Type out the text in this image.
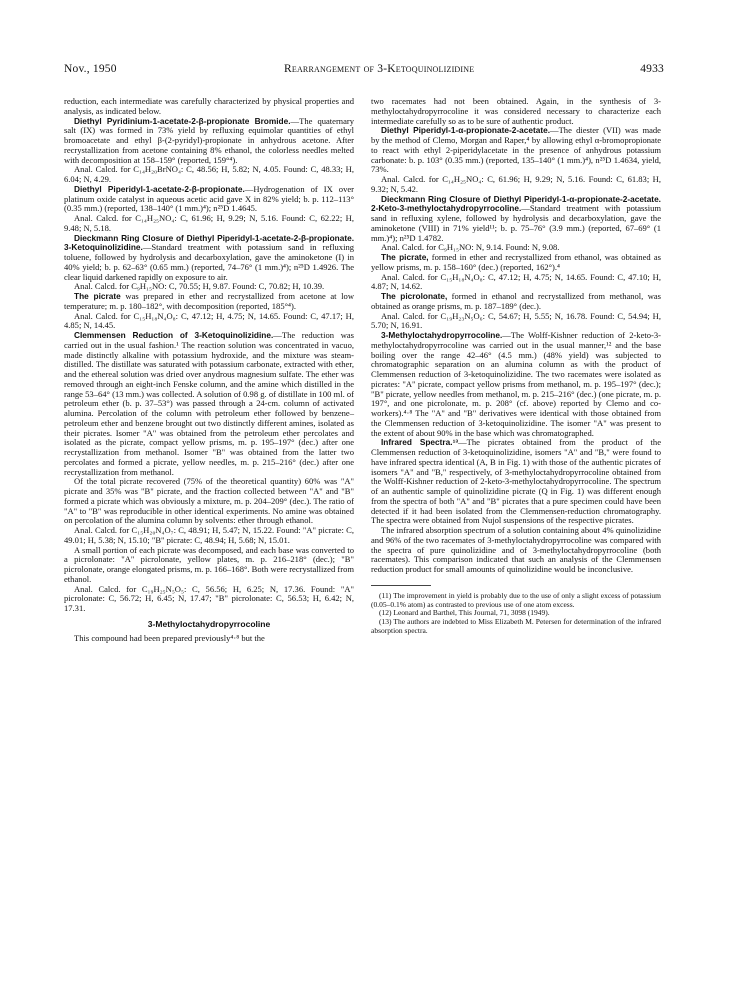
Nov., 1950	Rearrangement of 3-Ketoquinolizidine	4933

reduction, each intermediate was carefully characterized by physical properties and analysis, as indicated below.

Diethyl Pyridinium-1-acetate-2-β-propionate Bromide.—The quaternary salt (IX) was formed in 73% yield by refluxing equimolar quantities of ethyl bromoacetate and ethyl β-(2-pyridyl)-propionate in anhydrous acetone. After recrystallization from acetone containing 8% ethanol, the colorless needles melted with decomposition at 158–159° (reported, 159°⁴).

Anal. Calcd. for C₁₄H₂₀BrNO₄: C, 48.56; H, 5.82; N, 4.05. Found: C, 48.33; H, 6.04; N, 4.29.

Diethyl Piperidyl-1-acetate-2-β-propionate.—Hydrogenation of IX over platinum oxide catalyst in aqueous acetic acid gave X in 82% yield; b. p. 112–113° (0.35 mm.) (reported, 138–140° (1 mm.)⁴); n²⁵D 1.4645.

Anal. Calcd. for C₁₄H₂₅NO₄: C, 61.96; H, 9.29; N, 5.16. Found: C, 62.22; H, 9.48; N, 5.18.

Dieckmann Ring Closure of Diethyl Piperidyl-1-acetate-2-β-propionate. 3-Ketoquinolizidine.—Standard treatment with potassium sand in refluxing toluene, followed by hydrolysis and decarboxylation, gave the aminoketone (I) in 40% yield; b. p. 62–63° (0.65 mm.) (reported, 74–76° (1 mm.)⁴); n²⁵D 1.4926. The clear liquid darkened rapidly on exposure to air.

Anal. Calcd. for C₉H₁₅NO: C, 70.55; H, 9.87. Found: C, 70.82; H, 10.39.

The picrate was prepared in ether and recrystallized from acetone at low temperature; m. p. 180–182°, with decomposition (reported, 185°⁴).

Anal. Calcd. for C₁₅H₁₈N₄O₈: C, 47.12; H, 4.75; N, 14.65. Found: C, 47.17; H, 4.85; N, 14.45.

Clemmensen Reduction of 3-Ketoquinolizidine.—The reduction was carried out in the usual fashion.¹ The reaction solution was concentrated in vacuo, made distinctly alkaline with potassium hydroxide, and the mixture was steam-distilled. The distillate was saturated with potassium carbonate, extracted with ether, and the ethereal solution was dried over anydrous magnesium sulfate. The ether was removed through an eight-inch Fenske column, and the amine which distilled in the range 53–64° (13 mm.) was collected. A solution of 0.98 g. of distillate in 100 ml. of petroleum ether (b. p. 37–53°) was passed through a 24-cm. column of activated alumina. Percolation of the column with petroleum ether followed by benzene–petroleum ether and benzene brought out two distinctly different amines, isolated as their picrates. Isomer "A" was obtained from the petroleum ether percolates and isolated as the picrate, compact yellow prisms, m. p. 195–197° (dec.) after one recrystallization from methanol. Isomer "B" was obtained from the latter two percolates and formed a picrate, yellow needles, m. p. 215–216° (dec.) after one recrystallization from methanol.

Of the total picrate recovered (75% of the theoretical quantity) 60% was "A" picrate and 35% was "B" picrate, and the fraction collected between "A" and "B" formed a picrate which was obviously a mixture, m. p. 204–209° (dec.). The ratio of "A" to "B" was reproducible in other identical experiments. No amine was obtained on percolation of the alumina column by solvents: ether through ethanol.

Anal. Calcd. for C₁₅H₂₀N₄O₇: C, 48.91; H, 5.47; N, 15.22. Found: "A" picrate: C, 49.01; H, 5.38; N, 15.10; "B" picrate: C, 48.94; H, 5.68; N, 15.01.

A small portion of each picrate was decomposed, and each base was converted to a picrolonate: "A" picrolonate, yellow plates, m. p. 216–218° (dec.); "B" picrolonate, orange elongated prisms, m. p. 166–168°. Both were recrystallized from ethanol.

Anal. Calcd. for C₁₉H₂₅N₅O₅: C, 56.56; H, 6.25; N, 17.36. Found: "A" picrolonate: C, 56.72; H, 6.45; N, 17.47; "B" picrolonate: C, 56.53; H, 6.42; N, 17.31.

3-Methyloctahydropyrrocoline

This compound had been prepared previously⁴·⁸ but the

two racemates had not been obtained. Again, in the synthesis of 3-methyloctahydropyrrocoline it was considered necessary to characterize each intermediate carefully so as to be sure of authentic product.

Diethyl Piperidyl-1-α-propionate-2-acetate.—The diester (VII) was made by the method of Clemo, Morgan and Raper,⁴ by allowing ethyl α-bromopropionate to react with ethyl 2-piperidylacetate in the presence of anhydrous potassium carbonate: b. p. 103° (0.35 mm.) (reported, 135–140° (1 mm.)⁴), n²⁵D 1.4634, yield, 73%.

Anal. Calcd. for C₁₄H₂₅NO₄: C, 61.96; H, 9.29; N, 5.16. Found: C, 61.83; H, 9.32; N, 5.42.

Dieckmann Ring Closure of Diethyl Piperidyl-1-α-propionate-2-acetate. 2-Keto-3-methyloctahydropyrrocoline.—Standard treatment with potassium sand in refluxing xylene, followed by hydrolysis and decarboxylation, gave the aminoketone (VIII) in 71% yield¹¹; b. p. 75–76° (3.9 mm.) (reported, 67–69° (1 mm.)⁴); n²⁵D 1.4782.

Anal. Calcd. for C₉H₁₅NO: N, 9.14. Found: N, 9.08.

The picrate, formed in ether and recrystallized from ethanol, was obtained as yellow prisms, m. p. 158–160° (dec.) (reported, 162°).⁴

Anal. Calcd. for C₁₅H₁₈N₄O₈: C, 47.12; H, 4.75; N, 14.65. Found: C, 47.10; H, 4.87; N, 14.62.

The picrolonate, formed in ethanol and recrystallized from methanol, was obtained as orange prisms, m. p. 187–189° (dec.).

Anal. Calcd. for C₁₉H₂₃N₅O₆: C, 54.67; H, 5.55; N, 16.78. Found: C, 54.94; H, 5.70; N, 16.91.

3-Methyloctahydropyrrocoline.—The Wolff-Kishner reduction of 2-keto-3-methyloctahydropyrrocoline was carried out in the usual manner,¹² and the base boiling over the range 42–46° (4.5 mm.) (48% yield) was subjected to chromatographic separation on an alumina column as with the product of Clemmensen reduction of 3-ketoquinolizidine. The two racemates were isolated as picrates: "A" picrate, compact yellow prisms from methanol, m. p. 195–197° (dec.); "B" picrate, yellow needles from methanol, m. p. 215–216° (dec.) (one picrate, m. p. 197°, and one picrolonate, m. p. 208° (cf. above) reported by Clemo and co-workers).⁴·⁸ The "A" and "B" derivatives were identical with those obtained from the Clemmensen reduction of 3-ketoquinolizidine. The isomer "A" was present to the extent of about 90% in the base which was chromatographed.

Infrared Spectra.¹³—The picrates obtained from the product of the Clemmensen reduction of 3-ketoquinolizidine, isomers "A" and "B," were found to have infrared spectra identical (A, B in Fig. 1) with those of the authentic picrates of isomers "A" and "B," respectively, of 3-methyloctahydropyrrocoline obtained from the Wolff-Kishner reduction of 2-keto-3-methyloctahydropyrrocoline. The spectrum of an authentic sample of quinolizidine picrate (Q in Fig. 1) was different enough from the spectra of both "A" and "B" picrates that a pure specimen could have been detected if it had been isolated from the Clemmensen-reduction chromatography. The spectra were obtained from Nujol suspensions of the respective picrates.

The infrared absorption spectrum of a solution containing about 4% quinolizidine and 96% of the two racemates of 3-methyloctahydropyrrocoline was compared with the spectra of pure quinolizidine and of 3-methyloctahydropyrrocoline (both racemates). This comparison indicated that such an analysis of the Clemmensen reduction product for small amounts of quinolizidine would be inconclusive.

(11) The improvement in yield is probably due to the use of only a slight excess of potassium (0.05–0.1% atom) as contrasted to previous use of one atom excess.

(12) Leonard and Barthel, This Journal, 71, 3098 (1949).

(13) The authors are indebted to Miss Elizabeth M. Petersen for determination of the infrared absorption spectra.
